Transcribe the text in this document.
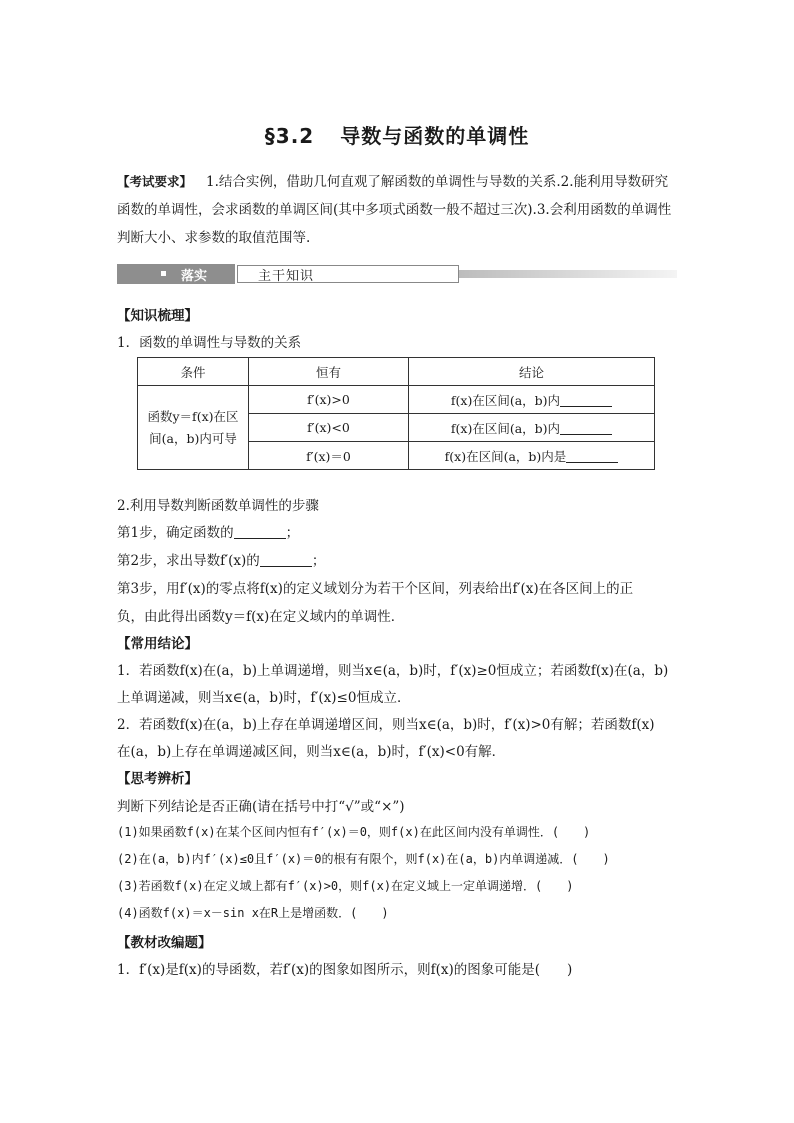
§3.2 导数与函数的单调性
【考试要求】 1.结合实例，借助几何直观了解函数的单调性与导数的关系.2.能利用导数研究函数的单调性，会求函数的单调区间(其中多项式函数一般不超过三次).3.会利用函数的单调性判断大小、求参数的取值范围等.
落实	主干知识
【知识梳理】
1．函数的单调性与导数的关系
条件	恒有	结论
函数y＝f(x)在区
间(a，b)内可导	f′(x)>0	f(x)在区间(a，b)内
	f′(x)<0	f(x)在区间(a，b)内
	f′(x)＝0	f(x)在区间(a，b)内是
2.利用导数判断函数单调性的步骤
第1步，确定函数的	；
第2步，求出导数f′(x)的	；
第3步，用f′(x)的零点将f(x)的定义域划分为若干个区间，列表给出f′(x)在各区间上的正
负，由此得出函数y＝f(x)在定义域内的单调性．
【常用结论】
1．若函数f(x)在(a，b)上单调递增，则当x∈(a，b)时，f′(x)≥0恒成立；若函数f(x)在(a，b)
上单调递减，则当x∈(a，b)时，f′(x)≤0恒成立．
2．若函数f(x)在(a，b)上存在单调递增区间，则当x∈(a，b)时，f′(x)>0有解；若函数f(x)
在(a，b)上存在单调递减区间，则当x∈(a，b)时，f′(x)<0有解．
【思考辨析】
判断下列结论是否正确(请在括号中打“√”或“×”)
(1)如果函数f(x)在某个区间内恒有f′(x)＝0，则f(x)在此区间内没有单调性．(　　)
(2)在(a，b)内f′(x)≤0且f′(x)＝0的根有有限个，则f(x)在(a，b)内单调递减．(　　)
(3)若函数f(x)在定义域上都有f′(x)>0，则f(x)在定义域上一定单调递增．(　　)
(4)函数f(x)＝x－sin x在R上是增函数．(　　)
【教材改编题】
1．f′(x)是f(x)的导函数，若f′(x)的图象如图所示，则f(x)的图象可能是(　　)
